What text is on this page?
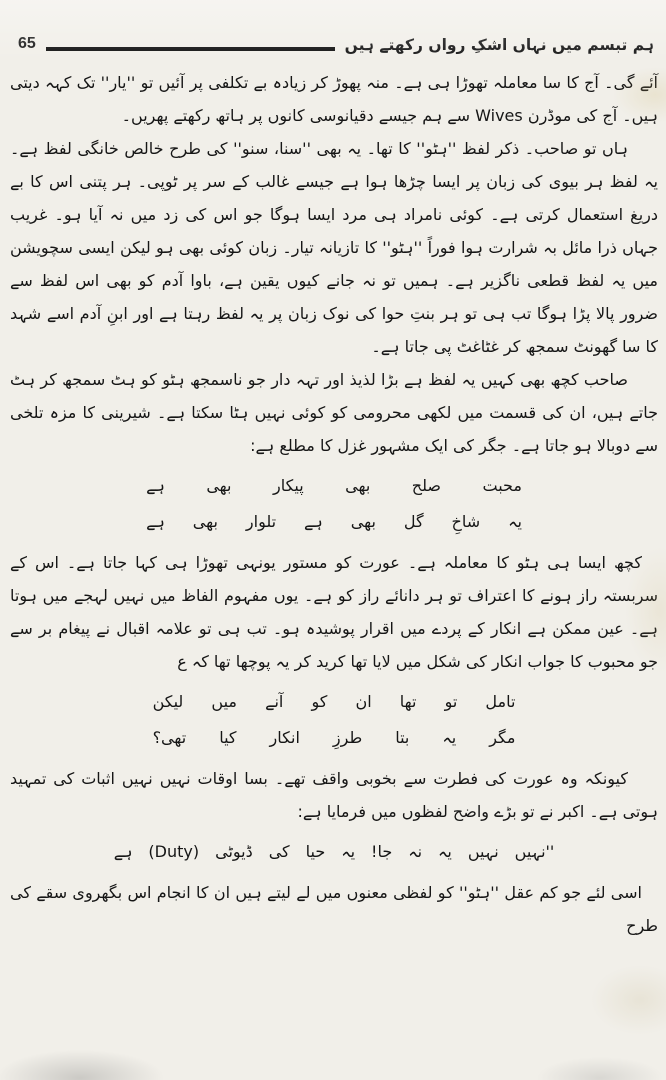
65	ہم تبسم میں نہاں اشکِ رواں رکھتے ہیں
آئے گی۔ آج کا سا معاملہ تھوڑا ہی ہے۔ منہ پھوڑ کر زیادہ بے تکلفی پر آئیں تو ''یار'' تک کہہ دیتی ہیں۔ آج کی موڈرن Wives سے ہم جیسے دقیانوسی کانوں پر ہاتھ رکھتے پھریں۔
ہاں تو صاحب۔ ذکر لفظ ''ہٹو'' کا تھا۔ یہ بھی ''سنا، سنو'' کی طرح خالص خانگی لفظ ہے۔ یہ لفظ ہر بیوی کی زبان پر ایسا چڑھا ہوا ہے جیسے غالب کے سر پر ٹوپی۔ ہر پتنی اس کا بے دریغ استعمال کرتی ہے۔ کوئی نامراد ہی مرد ایسا ہوگا جو اس کی زد میں نہ آیا ہو۔ غریب جہاں ذرا مائل بہ شرارت ہوا فوراً ''ہٹو'' کا تازیانہ تیار۔ زبان کوئی بھی ہو لیکن ایسی سچویشن میں یہ لفظ قطعی ناگزیر ہے۔ ہمیں تو نہ جانے کیوں یقین ہے، باوا آدم کو بھی اس لفظ سے ضرور پالا پڑا ہوگا تب ہی تو ہر بنتِ حوا کی نوک زبان پر یہ لفظ رہتا ہے اور ابنِ آدم اسے شہد کا سا گھونٹ سمجھ کر غٹاغٹ پی جاتا ہے۔
صاحب کچھ بھی کہیں یہ لفظ ہے بڑا لذیذ اور تہہ دار جو ناسمجھ ہٹو کو ہٹ سمجھ کر ہٹ جاتے ہیں، ان کی قسمت میں لکھی محرومی کو کوئی نہیں ہٹا سکتا ہے۔ شیرینی کا مزہ تلخی سے دوبالا ہو جاتا ہے۔ جگر کی ایک مشہور غزل کا مطلع ہے:
محبت صلح بھی پیکار بھی ہے
یہ شاخِ گل بھی ہے تلوار بھی ہے
کچھ ایسا ہی ہٹو کا معاملہ ہے۔ عورت کو مستور یونہی تھوڑا ہی کہا جاتا ہے۔ اس کے سربستہ راز ہونے کا اعتراف تو ہر دانائے راز کو ہے۔ یوں مفہوم الفاظ میں نہیں لہجے میں ہوتا ہے۔ عین ممکن ہے انکار کے پردے میں اقرار پوشیدہ ہو۔ تب ہی تو علامہ اقبال نے پیغام بر سے جو محبوب کا جواب انکار کی شکل میں لایا تھا کرید کر یہ پوچھا تھا کہ ع
تامل تو تھا ان کو آنے میں لیکن
مگر یہ بتا طرزِ انکار کیا تھی؟
کیونکہ وہ عورت کی فطرت سے بخوبی واقف تھے۔ بسا اوقات نہیں نہیں اثبات کی تمہید ہوتی ہے۔ اکبر نے تو بڑے واضح لفظوں میں فرمایا ہے:
''نہیں نہیں یہ نہ جا! یہ حیا کی ڈیوٹی (Duty) ہے
اسی لئے جو کم عقل ''ہٹو'' کو لفظی معنوں میں لے لیتے ہیں ان کا انجام اس بگھروی سقے کی طرح
